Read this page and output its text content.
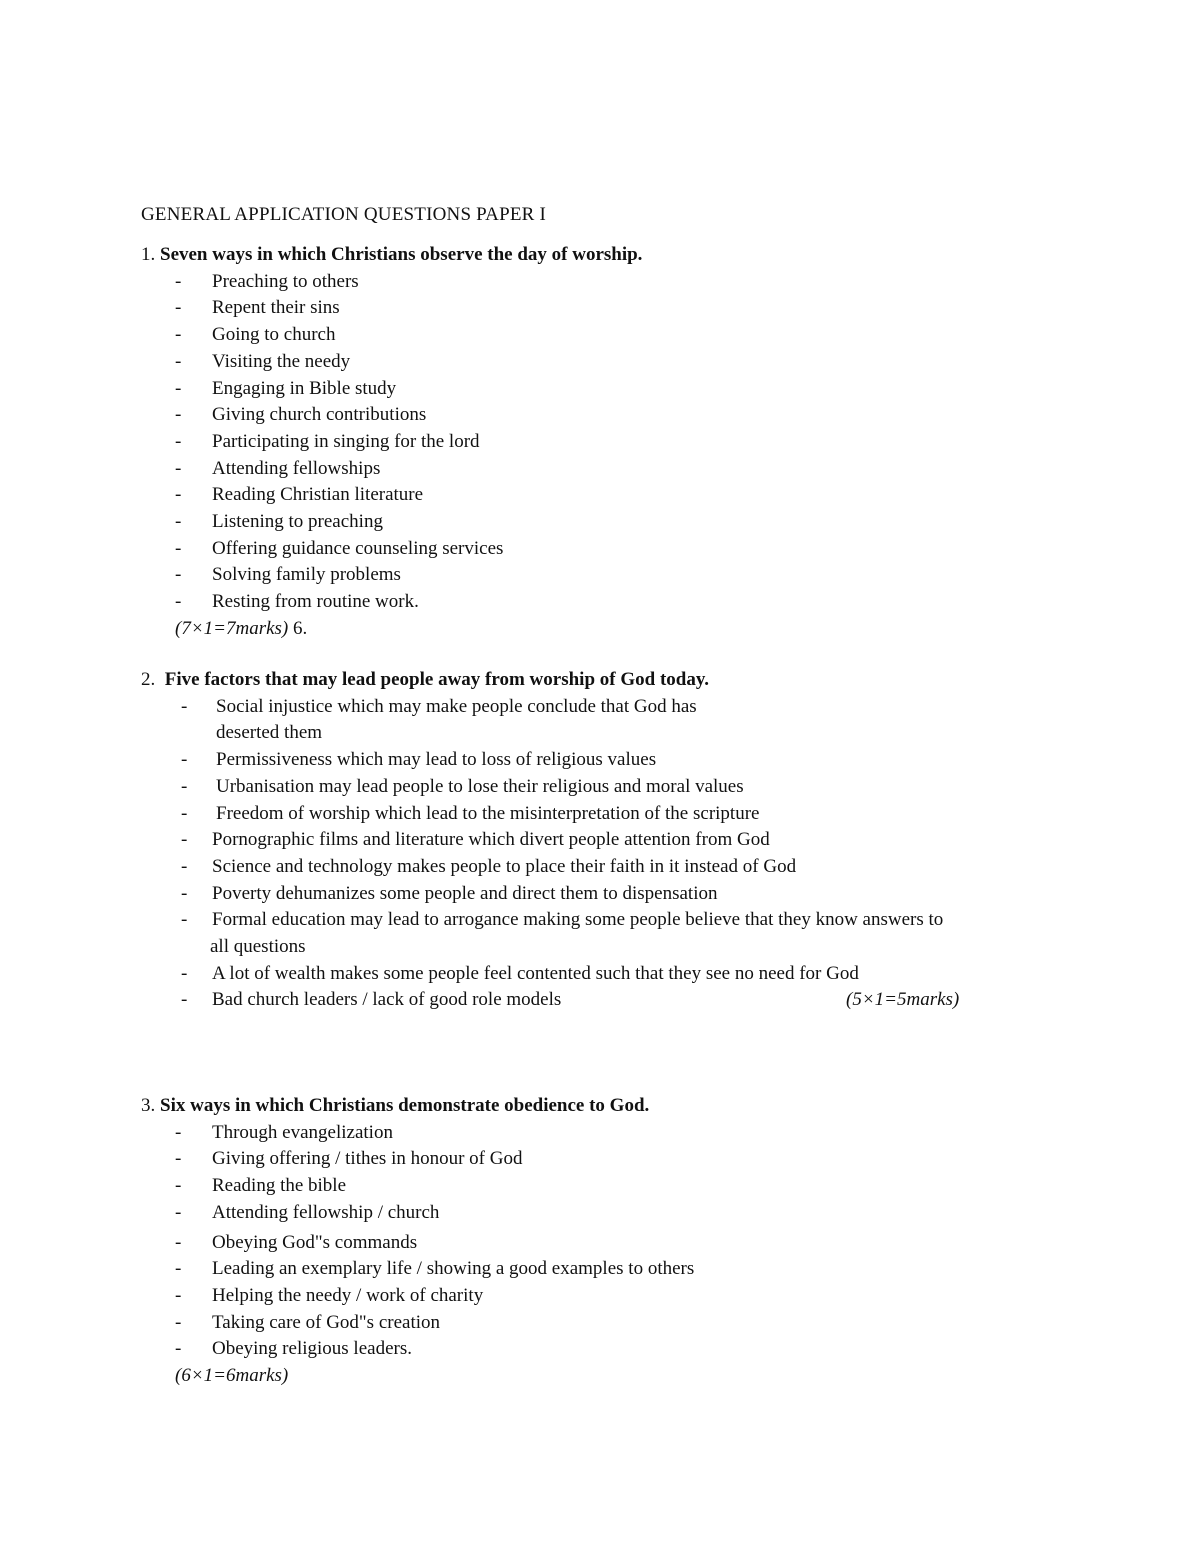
GENERAL APPLICATION QUESTIONS PAPER I

1. Seven ways in which Christians observe the day of worship.

- Preaching to others
- Repent their sins
- Going to church
- Visiting the needy
- Engaging in Bible study
- Giving church contributions
- Participating in singing for the lord
- Attending fellowships
- Reading Christian literature
- Listening to preaching
- Offering guidance counseling services
- Solving family problems
- Resting from routine work.
(7×1=7marks) 6.

2. Five factors that may lead people away from worship of God today.

- Social injustice which may make people conclude that God has
deserted them
- Permissiveness which may lead to loss of religious values
- Urbanisation may lead people to lose their religious and moral values
- Freedom of worship which lead to the misinterpretation of the scripture
- Pornographic films and literature which divert people attention from God
- Science and technology makes people to place their faith in it instead of God
- Poverty dehumanizes some people and direct them to dispensation
- Formal education may lead to arrogance making some people believe that they know answers to
all questions
- A lot of wealth makes some people feel contented such that they see no need for God
- Bad church leaders / lack of good role models	(5×1=5marks)

3. Six ways in which Christians demonstrate obedience to God.

- Through evangelization
- Giving offering / tithes in honour of God
- Reading the bible
- Attending fellowship / church
- Obeying God"s commands
- Leading an exemplary life / showing a good examples to others
- Helping the needy / work of charity
- Taking care of God"s creation
- Obeying religious leaders.
(6×1=6marks)
